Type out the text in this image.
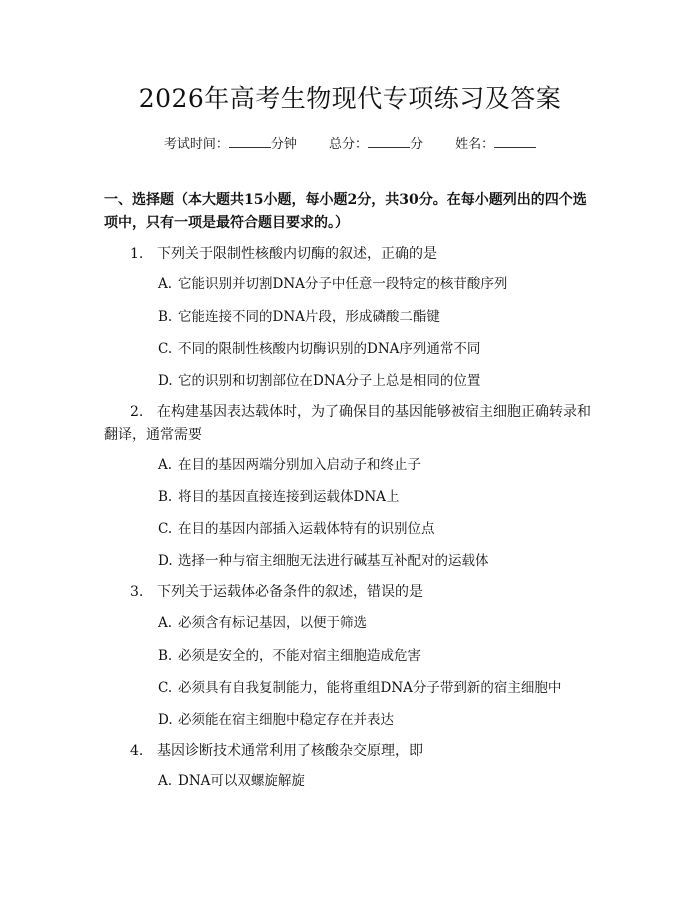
2026年高考生物现代专项练习及答案
考试时间：	分钟 总分：	分 姓名：
一、选择题（本大题共15小题，每小题2分，共30分。在每小题列出的四个选项中，只有一项是最符合题目要求的。）
1. 下列关于限制性核酸内切酶的叙述，正确的是
A. 它能识别并切割DNA分子中任意一段特定的核苷酸序列
B. 它能连接不同的DNA片段，形成磷酸二酯键
C. 不同的限制性核酸内切酶识别的DNA序列通常不同
D. 它的识别和切割部位在DNA分子上总是相同的位置
2. 在构建基因表达载体时，为了确保目的基因能够被宿主细胞正确转录和翻译，通常需要
A. 在目的基因两端分别加入启动子和终止子
B. 将目的基因直接连接到运载体DNA上
C. 在目的基因内部插入运载体特有的识别位点
D. 选择一种与宿主细胞无法进行碱基互补配对的运载体
3. 下列关于运载体必备条件的叙述，错误的是
A. 必须含有标记基因，以便于筛选
B. 必须是安全的，不能对宿主细胞造成危害
C. 必须具有自我复制能力，能将重组DNA分子带到新的宿主细胞中
D. 必须能在宿主细胞中稳定存在并表达
4. 基因诊断技术通常利用了核酸杂交原理，即
A. DNA可以双螺旋解旋
